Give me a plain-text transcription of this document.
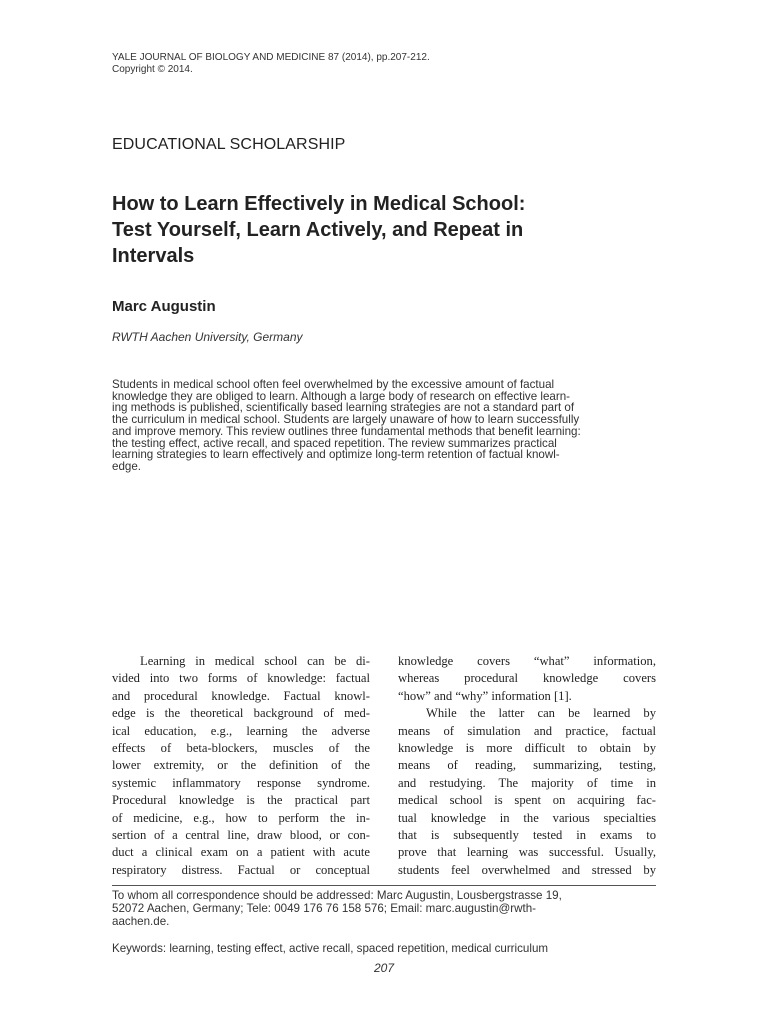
YALE JOURNAL OF BIOLOGY AND MEDICINE 87 (2014), pp.207-212.
Copyright © 2014.
EDUCATIONAL SCHOLARSHIP
How to Learn Effectively in Medical School:
Test Yourself, Learn Actively, and Repeat in
Intervals
Marc Augustin
RWTH Aachen University, Germany
Students in medical school often feel overwhelmed by the excessive amount of factual
knowledge they are obliged to learn. Although a large body of research on effective learn-
ing methods is published, scientifically based learning strategies are not a standard part of
the curriculum in medical school. Students are largely unaware of how to learn successfully
and improve memory. This review outlines three fundamental methods that benefit learning:
the testing effect, active recall, and spaced repetition. The review summarizes practical
learning strategies to learn effectively and optimize long-term retention of factual knowl-
edge.
Learning in medical school can be di-
vided into two forms of knowledge: factual
and procedural knowledge. Factual knowl-
edge is the theoretical background of med-
ical education, e.g., learning the adverse
effects of beta-blockers, muscles of the
lower extremity, or the definition of the
systemic inflammatory response syndrome.
Procedural knowledge is the practical part
of medicine, e.g., how to perform the in-
sertion of a central line, draw blood, or con-
duct a clinical exam on a patient with acute
respiratory distress. Factual or conceptual
knowledge covers “what” information,
whereas procedural knowledge covers
“how” and “why” information [1].
While the latter can be learned by
means of simulation and practice, factual
knowledge is more difficult to obtain by
means of reading, summarizing, testing,
and restudying. The majority of time in
medical school is spent on acquiring fac-
tual knowledge in the various specialties
that is subsequently tested in exams to
prove that learning was successful. Usually,
students feel overwhelmed and stressed by
To whom all correspondence should be addressed: Marc Augustin, Lousbergstrasse 19,
52072 Aachen, Germany; Tele: 0049 176 76 158 576; Email: marc.augustin@rwth-
aachen.de.
Keywords: learning, testing effect, active recall, spaced repetition, medical curriculum
207
